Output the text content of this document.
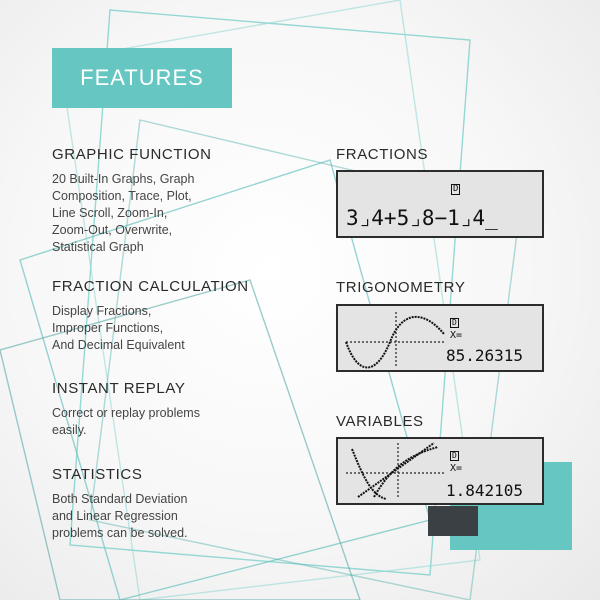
FEATURES
GRAPHIC FUNCTION

20 Built-In Graphs, Graph
Composition, Trace, Plot,
Line Scroll, Zoom-In,
Zoom-Out, Overwrite,
Statistical Graph

FRACTION CALCULATION

Display Fractions,
Improper Functions,
And Decimal Equivalent

INSTANT REPLAY

Correct or replay problems
easily.

STATISTICS

Both Standard Deviation
and Linear Regression
problems can be solved.

FRACTIONS
D
3⌟4+5⌟8−1⌟4_
TRIGONOMETRY
D
X=
85.26315
VARIABLES
D
X=
1.842105
